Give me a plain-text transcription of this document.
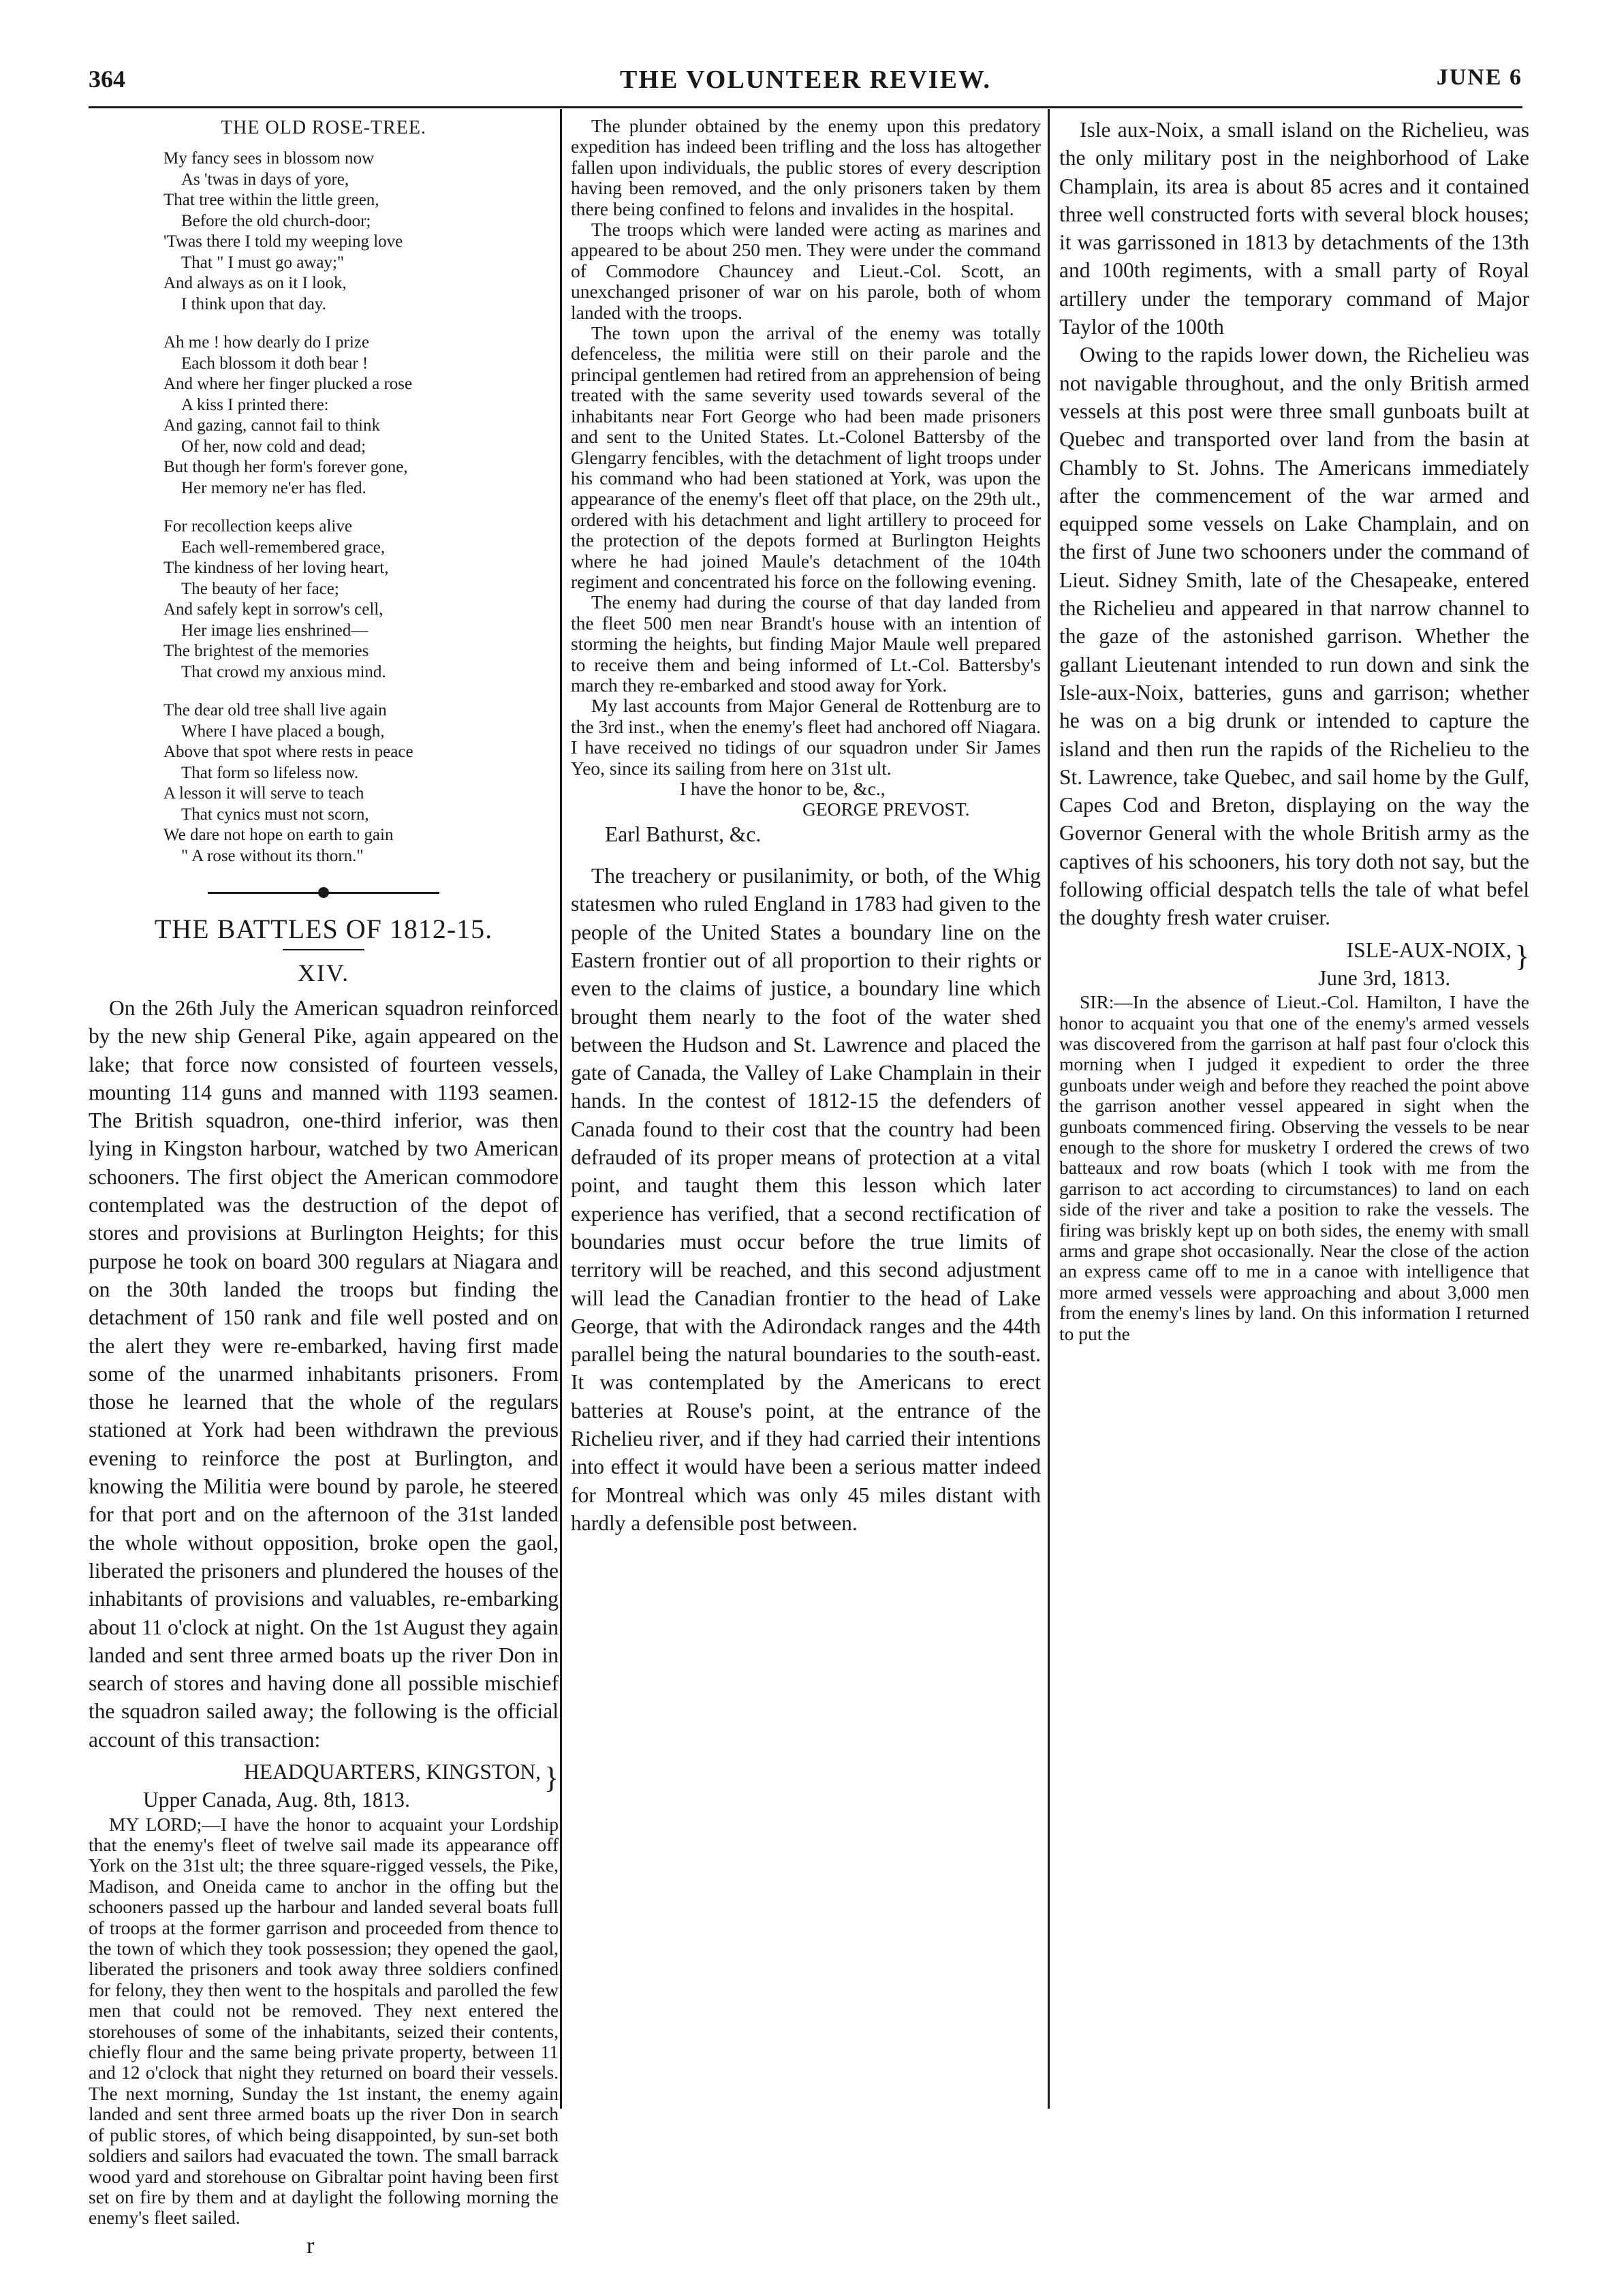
364	THE VOLUNTEER REVIEW.	JUNE 6
THE OLD ROSE-TREE.
My fancy sees in blossom now
As 'twas in days of yore,
That tree within the little green,
Before the old church-door;
'Twas there I told my weeping love
That " I must go away;"
And always as on it I look,
I think upon that day.
Ah me ! how dearly do I prize
Each blossom it doth bear !
And where her finger plucked a rose
A kiss I printed there:
And gazing, cannot fail to think
Of her, now cold and dead;
But though her form's forever gone,
Her memory ne'er has fled.
For recollection keeps alive
Each well-remembered grace,
The kindness of her loving heart,
The beauty of her face;
And safely kept in sorrow's cell,
Her image lies enshrined—
The brightest of the memories
That crowd my anxious mind.
The dear old tree shall live again
Where I have placed a bough,
Above that spot where rests in peace
That form so lifeless now.
A lesson it will serve to teach
That cynics must not scorn,
We dare not hope on earth to gain
" A rose without its thorn."
THE BATTLES OF 1812-15.
XIV.

On the 26th July the American squadron reinforced by the new ship General Pike, again appeared on the lake; that force now consisted of fourteen vessels, mounting 114 guns and manned with 1193 seamen. The British squadron, one-third inferior, was then lying in Kingston harbour, watched by two American schooners. The first object the American commodore contemplated was the destruction of the depot of stores and provisions at Burlington Heights; for this purpose he took on board 300 regulars at Niagara and on the 30th landed the troops but finding the detachment of 150 rank and file well posted and on the alert they were re-embarked, having first made some of the unarmed inhabitants prisoners. From those he learned that the whole of the regulars stationed at York had been withdrawn the previous evening to reinforce the post at Burlington, and knowing the Militia were bound by parole, he steered for that port and on the afternoon of the 31st landed the whole without opposition, broke open the gaol, liberated the prisoners and plundered the houses of the inhabitants of provisions and valuables, re-embarking about 11 o'clock at night. On the 1st August they again landed and sent three armed boats up the river Don in search of stores and having done all possible mischief the squadron sailed away; the following is the official account of this transaction:

HEADQUARTERS, KINGSTON, }
Upper Canada, Aug. 8th, 1813.

MY LORD;—I have the honor to acquaint your Lordship that the enemy's fleet of twelve sail made its appearance off York on the 31st ult; the three square-rigged vessels, the Pike, Madison, and Oneida came to anchor in the offing but the schooners passed up the harbour and landed several boats full of troops at the former garrison and proceeded from thence to the town of which they took possession; they opened the gaol, liberated the prisoners and took away three soldiers confined for felony, they then went to the hospitals and parolled the few men that could not be removed. They next entered the storehouses of some of the inhabitants, seized their contents, chiefly flour and the same being private property, between 11 and 12 o'clock that night they returned on board their vessels. The next morning, Sunday the 1st instant, the enemy again landed and sent three armed boats up the river Don in search of public stores, of which being disappointed, by sun-set both soldiers and sailors had evacuated the town. The small barrack wood yard and storehouse on Gibraltar point having been first set on fire by them and at daylight the following morning the enemy's fleet sailed.

The plunder obtained by the enemy upon this predatory expedition has indeed been trifling and the loss has altogether fallen upon individuals, the public stores of every description having been removed, and the only prisoners taken by them there being confined to felons and invalides in the hospital.

The troops which were landed were acting as marines and appeared to be about 250 men. They were under the command of Commodore Chauncey and Lieut.-Col. Scott, an unexchanged prisoner of war on his parole, both of whom landed with the troops.

The town upon the arrival of the enemy was totally defenceless, the militia were still on their parole and the principal gentlemen had retired from an apprehension of being treated with the same severity used towards several of the inhabitants near Fort George who had been made prisoners and sent to the United States. Lt.-Colonel Battersby of the Glengarry fencibles, with the detachment of light troops under his command who had been stationed at York, was upon the appearance of the enemy's fleet off that place, on the 29th ult., ordered with his detachment and light artillery to proceed for the protection of the depots formed at Burlington Heights where he had joined Maule's detachment of the 104th regiment and concentrated his force on the following evening.

The enemy had during the course of that day landed from the fleet 500 men near Brandt's house with an intention of storming the heights, but finding Major Maule well prepared to receive them and being informed of Lt.-Col. Battersby's march they re-embarked and stood away for York.

My last accounts from Major General de Rottenburg are to the 3rd inst., when the enemy's fleet had anchored off Niagara. I have received no tidings of our squadron under Sir James Yeo, since its sailing from here on 31st ult.

I have the honor to be, &c.,
GEORGE PREVOST.
Earl Bathurst, &c.

The treachery or pusilanimity, or both, of the Whig statesmen who ruled England in 1783 had given to the people of the United States a boundary line on the Eastern frontier out of all proportion to their rights or even to the claims of justice, a boundary line which brought them nearly to the foot of the water shed between the Hudson and St. Lawrence and placed the gate of Canada, the Valley of Lake Champlain in their hands. In the contest of 1812-15 the defenders of Canada found to their cost that the country had been defrauded of its proper means of protection at a vital point, and taught them this lesson which later experience has verified, that a second rectification of boundaries must occur before the true limits of territory will be reached, and this second adjustment will lead the Canadian frontier to the head of Lake George, that with the Adirondack ranges and the 44th parallel being the natural boundaries to the south-east. It was contemplated by the Americans to erect batteries at Rouse's point, at the entrance of the Richelieu river, and if they had carried their intentions into effect it would have been a serious matter indeed for Montreal which was only 45 miles distant with hardly a defensible post between.

Isle aux-Noix, a small island on the Richelieu, was the only military post in the neighborhood of Lake Champlain, its area is about 85 acres and it contained three well constructed forts with several block houses; it was garrissoned in 1813 by detachments of the 13th and 100th regiments, with a small party of Royal artillery under the temporary command of Major Taylor of the 100th

Owing to the rapids lower down, the Richelieu was not navigable throughout, and the only British armed vessels at this post were three small gunboats built at Quebec and transported over land from the basin at Chambly to St. Johns. The Americans immediately after the commencement of the war armed and equipped some vessels on Lake Champlain, and on the first of June two schooners under the command of Lieut. Sidney Smith, late of the Chesapeake, entered the Richelieu and appeared in that narrow channel to the gaze of the astonished garrison. Whether the gallant Lieutenant intended to run down and sink the Isle-aux-Noix, batteries, guns and garrison; whether he was on a big drunk or intended to capture the island and then run the rapids of the Richelieu to the St. Lawrence, take Quebec, and sail home by the Gulf, Capes Cod and Breton, displaying on the way the Governor General with the whole British army as the captives of his schooners, his tory doth not say, but the following official despatch tells the tale of what befel the doughty fresh water cruiser.

ISLE-AUX-NOIX, }
June 3rd, 1813.

SIR:—In the absence of Lieut.-Col. Hamilton, I have the honor to acquaint you that one of the enemy's armed vessels was discovered from the garrison at half past four o'clock this morning when I judged it expedient to order the three gunboats under weigh and before they reached the point above the garrison another vessel appeared in sight when the gunboats commenced firing. Observing the vessels to be near enough to the shore for musketry I ordered the crews of two batteaux and row boats (which I took with me from the garrison to act according to circumstances) to land on each side of the river and take a position to rake the vessels. The firing was briskly kept up on both sides, the enemy with small arms and grape shot occasionally. Near the close of the action an express came off to me in a canoe with intelligence that more armed vessels were approaching and about 3,000 men from the enemy's lines by land. On this information I returned to put the

r
